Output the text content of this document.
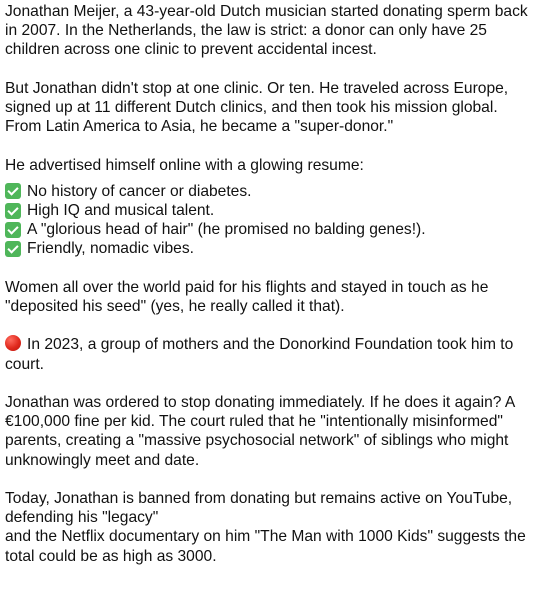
Jonathan Meijer, a 43-year-old Dutch musician started donating sperm back in 2007. In the Netherlands, the law is strict: a donor can only have 25 children across one clinic to prevent accidental incest.

But Jonathan didn't stop at one clinic. Or ten. He traveled across Europe, signed up at 11 different Dutch clinics, and then took his mission global. From Latin America to Asia, he became a "super-donor."

He advertised himself online with a glowing resume:

No history of cancer or diabetes.
High IQ and musical talent.
A "glorious head of hair" (he promised no balding genes!).
Friendly, nomadic vibes.

Women all over the world paid for his flights and stayed in touch as he "deposited his seed" (yes, he really called it that).

In 2023, a group of mothers and the Donorkind Foundation took him to court.

Jonathan was ordered to stop donating immediately. If he does it again? A €100,000 fine per kid. The court ruled that he "intentionally misinformed" parents, creating a "massive psychosocial network" of siblings who might unknowingly meet and date.

Today, Jonathan is banned from donating but remains active on YouTube, defending his "legacy"
and the Netflix documentary on him "The Man with 1000 Kids" suggests the total could be as high as 3000.
